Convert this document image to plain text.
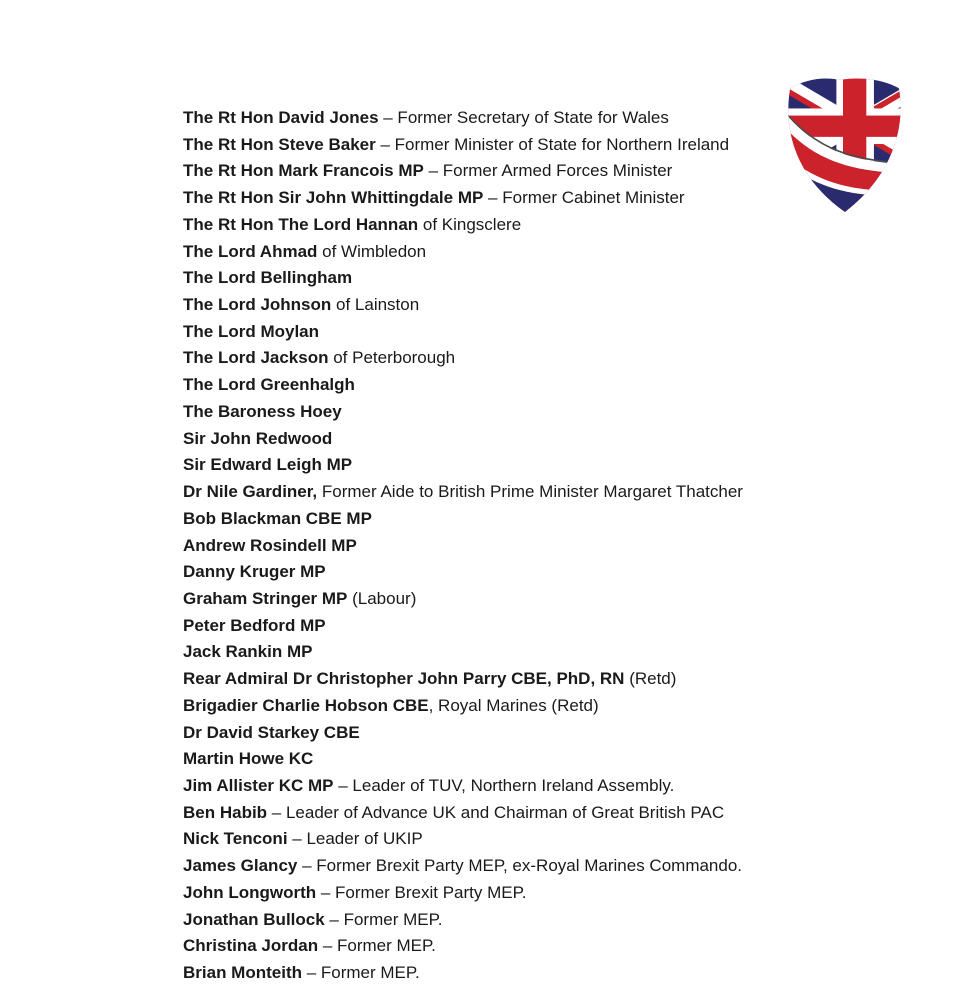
The Rt Hon David Jones – Former Secretary of State for Wales
The Rt Hon Steve Baker – Former Minister of State for Northern Ireland
The Rt Hon Mark Francois MP – Former Armed Forces Minister
The Rt Hon Sir John Whittingdale MP – Former Cabinet Minister
The Rt Hon The Lord Hannan of Kingsclere
The Lord Ahmad of Wimbledon
The Lord Bellingham
The Lord Johnson of Lainston
The Lord Moylan
The Lord Jackson of Peterborough
The Lord Greenhalgh
The Baroness Hoey
Sir John Redwood
Sir Edward Leigh MP
Dr Nile Gardiner, Former Aide to British Prime Minister Margaret Thatcher
Bob Blackman CBE MP
Andrew Rosindell MP
Danny Kruger MP
Graham Stringer MP (Labour)
Peter Bedford MP
Jack Rankin MP
Rear Admiral Dr Christopher John Parry CBE, PhD, RN (Retd)
Brigadier Charlie Hobson CBE, Royal Marines (Retd)
Dr David Starkey CBE
Martin Howe KC
Jim Allister KC MP – Leader of TUV, Northern Ireland Assembly.
Ben Habib – Leader of Advance UK and Chairman of Great British PAC
Nick Tenconi – Leader of UKIP
James Glancy – Former Brexit Party MEP, ex-Royal Marines Commando.
John Longworth – Former Brexit Party MEP.
Jonathan Bullock – Former MEP.
Christina Jordan – Former MEP.
Brian Monteith – Former MEP.
